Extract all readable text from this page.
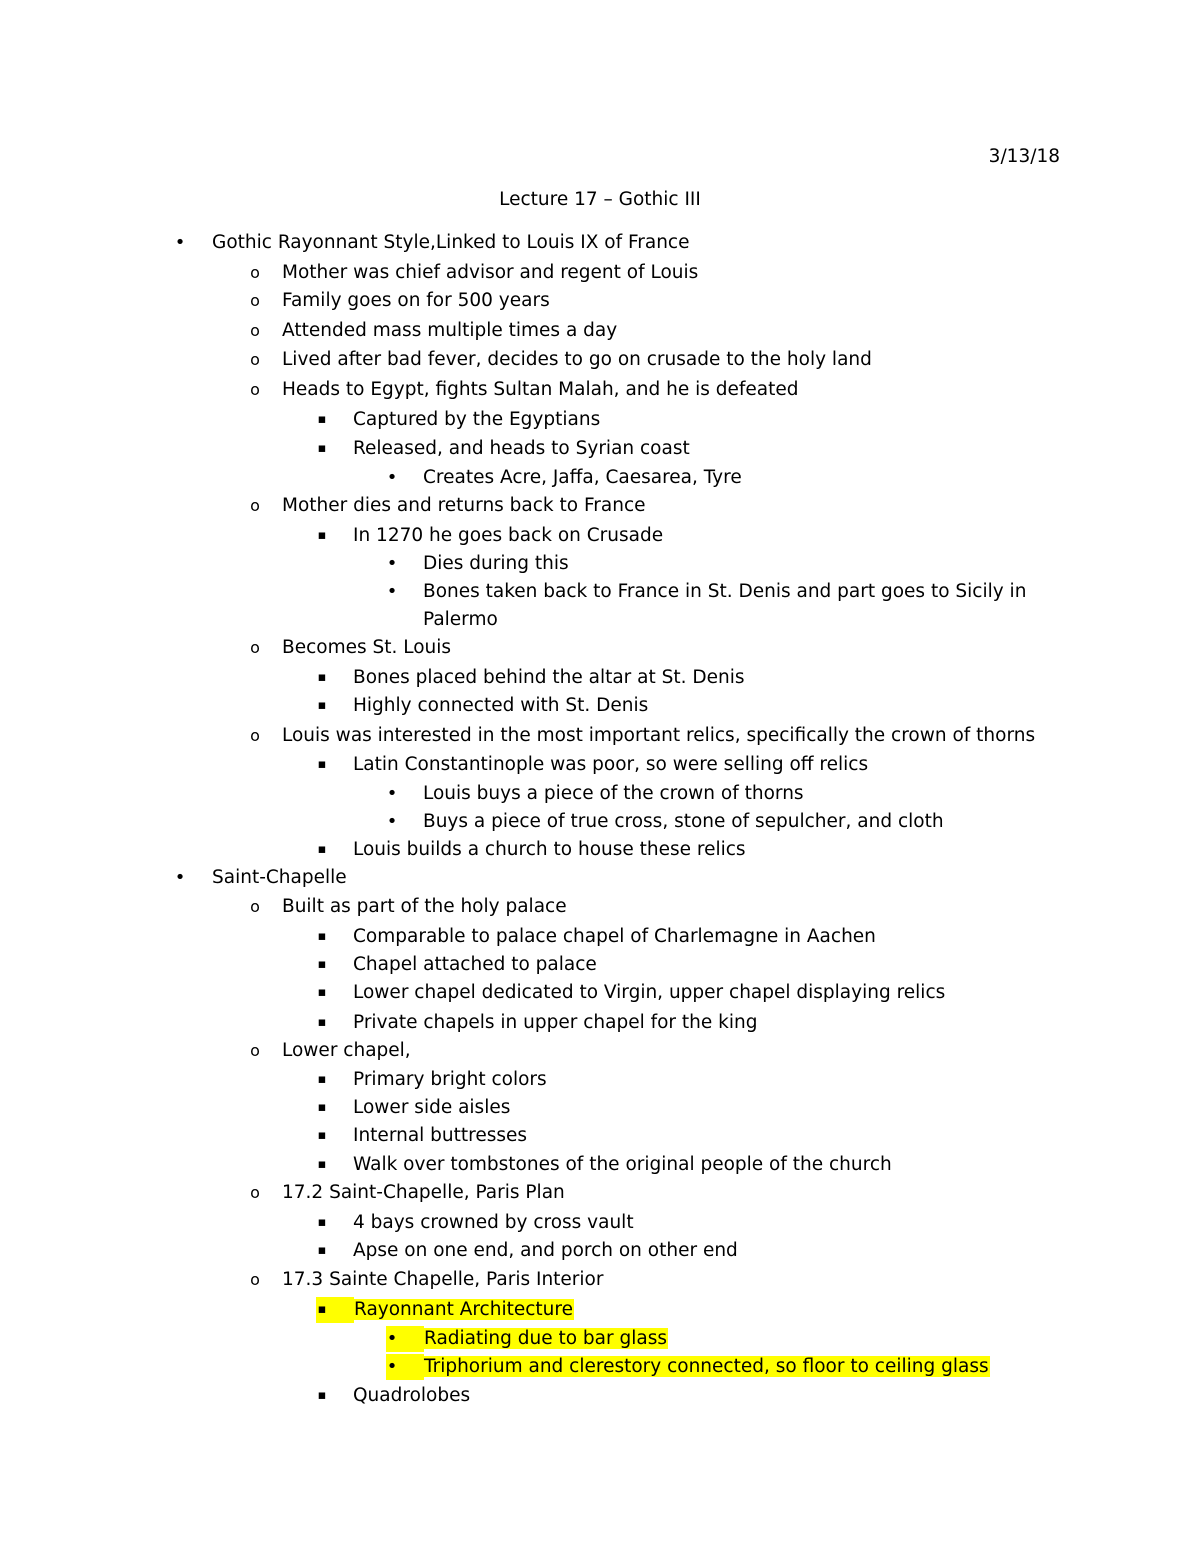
3/13/18
Lecture 17 – Gothic III
• Gothic Rayonnant Style,Linked to Louis IX of France
o Mother was chief advisor and regent of Louis
o Family goes on for 500 years
o Attended mass multiple times a day
o Lived after bad fever, decides to go on crusade to the holy land
o Heads to Egypt, fights Sultan Malah, and he is defeated
▪	Captured by the Egyptians
▪	Released, and heads to Syrian coast
• Creates Acre, Jaffa, Caesarea, Tyre
o Mother dies and returns back to France
▪	In 1270 he goes back on Crusade
• Dies during this
• Bones taken back to France in St. Denis and part goes to Sicily in
Palermo
o Becomes St. Louis
▪	Bones placed behind the altar at St. Denis
▪	Highly connected with St. Denis
o Louis was interested in the most important relics, specifically the crown of thorns
▪	Latin Constantinople was poor, so were selling off relics
• Louis buys a piece of the crown of thorns
• Buys a piece of true cross, stone of sepulcher, and cloth
▪	Louis builds a church to house these relics
• Saint-Chapelle
o Built as part of the holy palace
▪	Comparable to palace chapel of Charlemagne in Aachen
▪	Chapel attached to palace
▪	Lower chapel dedicated to Virgin, upper chapel displaying relics
▪	Private chapels in upper chapel for the king
o Lower chapel,
▪	Primary bright colors
▪	Lower side aisles
▪	Internal buttresses
▪	Walk over tombstones of the original people of the church
o 17.2 Saint-Chapelle, Paris Plan
▪	4 bays crowned by cross vault
▪	Apse on one end, and porch on other end
o 17.3 Sainte Chapelle, Paris Interior
▪	Rayonnant Architecture
• Radiating due to bar glass
• Triphorium and clerestory connected, so floor to ceiling glass
▪	Quadrolobes
